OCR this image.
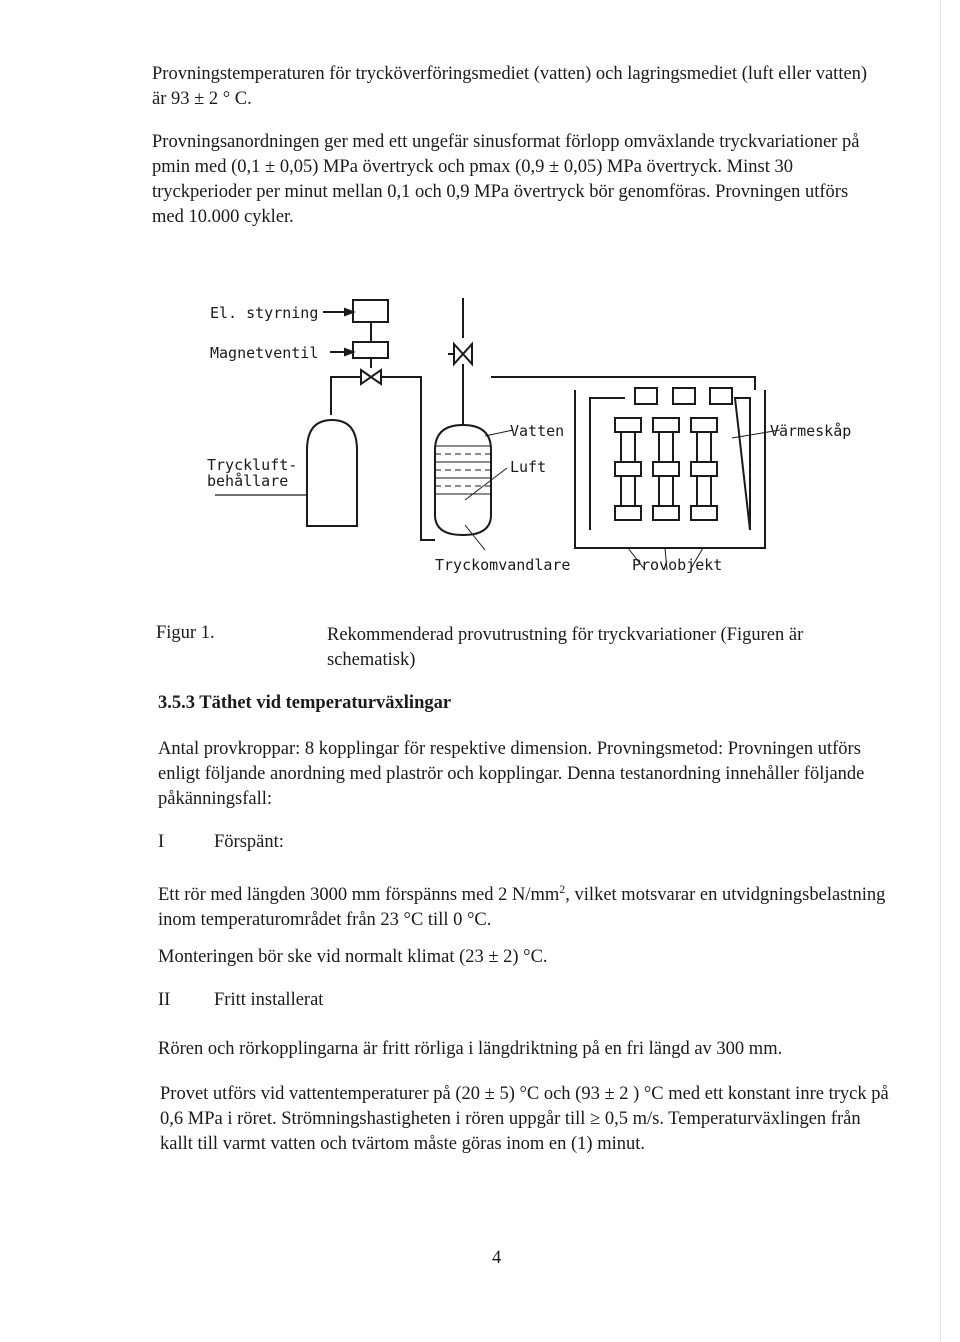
Provningstemperaturen för trycköverföringsmediet (vatten) och lagringsmediet (luft eller vatten) är 93 ± 2 ° C.

Provningsanordningen ger med ett ungefär sinusformat förlopp omväxlande tryckvariationer på pmin med (0,1 ± 0,05) MPa övertryck och pmax (0,9 ± 0,05) MPa övertryck. Minst 30 tryckperioder per minut mellan 0,1 och 0,9 MPa övertryck bör genomföras. Provningen utförs med 10.000 cykler.

El. styrning
Magnetventil
Vatten
Luft
Värmeskåp
Tryckluft-
behållare
Tryckomvandlare	Provobjekt
Figur 1.	Rekommenderad provutrustning för tryckvariationer (Figuren är schematisk)
3.5.3 Täthet vid temperaturväxlingar

Antal provkroppar: 8 kopplingar för respektive dimension. Provningsmetod: Provningen utförs enligt följande anordning med plaströr och kopplingar. Denna testanordning innehåller följande påkänningsfall:

I	Förspänt:

Ett rör med längden 3000 mm förspänns med 2 $N/mm^2$, vilket motsvarar en utvidgningsbelastning inom temperaturområdet från 23 °C till 0 °C.

Monteringen bör ske vid normalt klimat (23 ± 2) °C.

II Fritt installerat

Rören och rörkopplingarna är fritt rörliga i längdriktning på en fri längd av 300 mm.

Provet utförs vid vattentemperaturer på (20 ± 5) °C och (93 ± 2 ) °C med ett konstant inre tryck på 0,6 MPa i röret. Strömningshastigheten i rören uppgår till ≥ 0,5 m/s. Temperaturväxlingen från kallt till varmt vatten och tvärtom måste göras inom en (1) minut.

4
